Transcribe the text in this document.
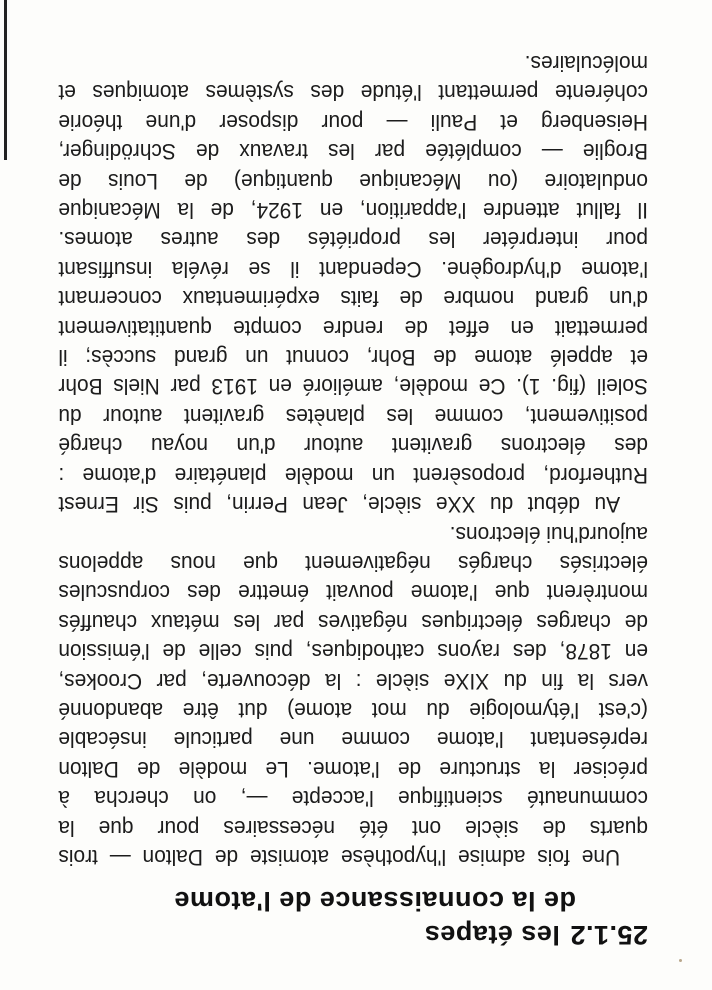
25.1.2les étapes
de la connaissance de l'atome
Une fois admise l'hypothèse atomiste de Dalton — trois
quarts de siècle ont été nécessaires pour que la
communauté scientifique l'accepte —, on chercha à
préciser la structure de l'atome. Le modèle de Dalton
représentant l'atome comme une particule insécable
(c'est l'étymologie du mot atome) dut être abandonné
vers la fin du XIXe siècle : la découverte, par Crookes,
en 1878, des rayons cathodiques, puis celle de l'émission
de charges électriques négatives par les métaux chauffés
montrèrent que l'atome pouvait émettre des corpuscules
électrisés chargés négativement que nous appelons
aujourd'hui électrons.
Au début du XXe siècle, Jean Perrin, puis Sir Ernest
Rutherford, proposèrent un modèle planétaire d'atome :
des électrons gravitent autour d'un noyau chargé
positivement, comme les planètes gravitent autour du
Soleil (fig. 1). Ce modèle, amélioré en 1913 par Niels Bohr
et appelé atome de Bohr, connut un grand succès; il
permettait en effet de rendre compte quantitativement
d'un grand nombre de faits expérimentaux concernant
l'atome d'hydrogène. Cependant il se révéla insuffisant
pour interpréter les propriétés des autres atomes.
Il fallut attendre l'apparition, en 1924, de la Mécanique
ondulatoire (ou Mécanique quantique) de Louis de
Broglie — complétée par les travaux de Schrödinger,
Heisenberg et Pauli — pour disposer d'une théorie
cohérente permettant l'étude des systèmes atomiques et
moléculaires.
